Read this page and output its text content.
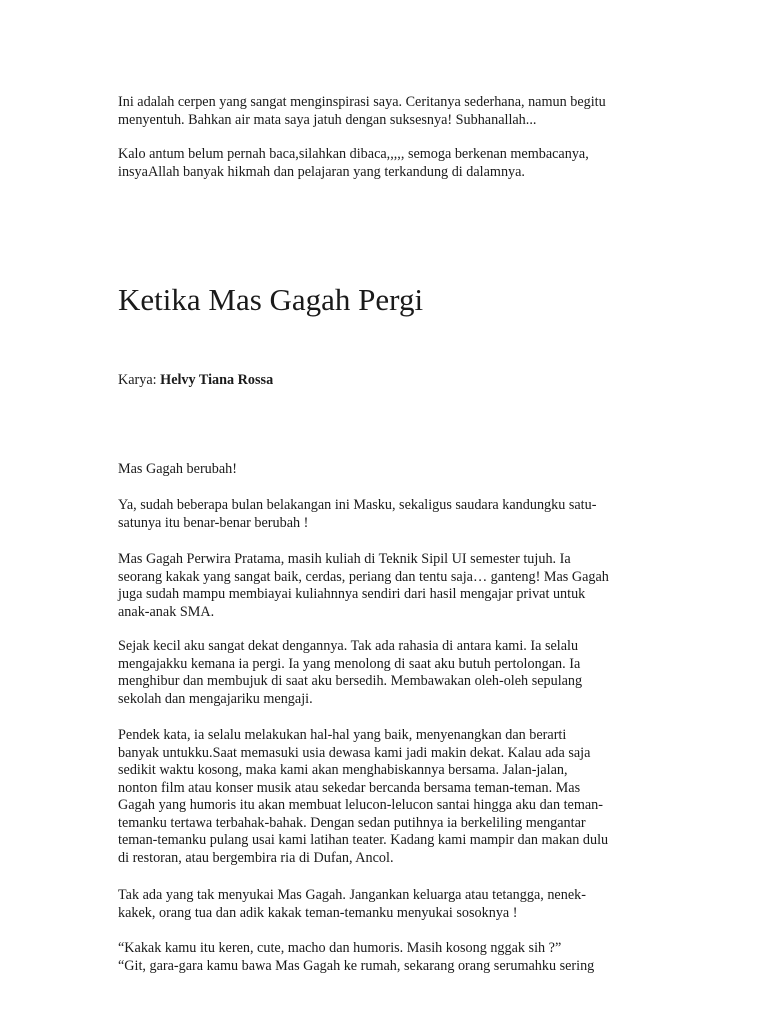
Ini adalah cerpen yang sangat menginspirasi saya. Ceritanya sederhana, namun begitu
menyentuh. Bahkan air mata saya jatuh dengan suksesnya! Subhanallah...

Kalo antum belum pernah baca,silahkan dibaca,,,,, semoga berkenan membacanya,
insyaAllah banyak hikmah dan pelajaran yang terkandung di dalamnya.

Ketika Mas Gagah Pergi

Karya: Helvy Tiana Rossa

Mas Gagah berubah!

Ya, sudah beberapa bulan belakangan ini Masku, sekaligus saudara kandungku satu-
satunya itu benar-benar berubah !

Mas Gagah Perwira Pratama, masih kuliah di Teknik Sipil UI semester tujuh. Ia
seorang kakak yang sangat baik, cerdas, periang dan tentu saja… ganteng! Mas Gagah
juga sudah mampu membiayai kuliahnnya sendiri dari hasil mengajar privat untuk
anak-anak SMA.

Sejak kecil aku sangat dekat dengannya. Tak ada rahasia di antara kami. Ia selalu
mengajakku kemana ia pergi. Ia yang menolong di saat aku butuh pertolongan. Ia
menghibur dan membujuk di saat aku bersedih. Membawakan oleh-oleh sepulang
sekolah dan mengajariku mengaji.

Pendek kata, ia selalu melakukan hal-hal yang baik, menyenangkan dan berarti
banyak untukku.Saat memasuki usia dewasa kami jadi makin dekat. Kalau ada saja
sedikit waktu kosong, maka kami akan menghabiskannya bersama. Jalan-jalan,
nonton film atau konser musik atau sekedar bercanda bersama teman-teman. Mas
Gagah yang humoris itu akan membuat lelucon-lelucon santai hingga aku dan teman-
temanku tertawa terbahak-bahak. Dengan sedan putihnya ia berkeliling mengantar
teman-temanku pulang usai kami latihan teater. Kadang kami mampir dan makan dulu
di restoran, atau bergembira ria di Dufan, Ancol.

Tak ada yang tak menyukai Mas Gagah. Jangankan keluarga atau tetangga, nenek-
kakek, orang tua dan adik kakak teman-temanku menyukai sosoknya !

“Kakak kamu itu keren, cute, macho dan humoris. Masih kosong nggak sih ?”

“Git, gara-gara kamu bawa Mas Gagah ke rumah, sekarang orang serumahku sering
